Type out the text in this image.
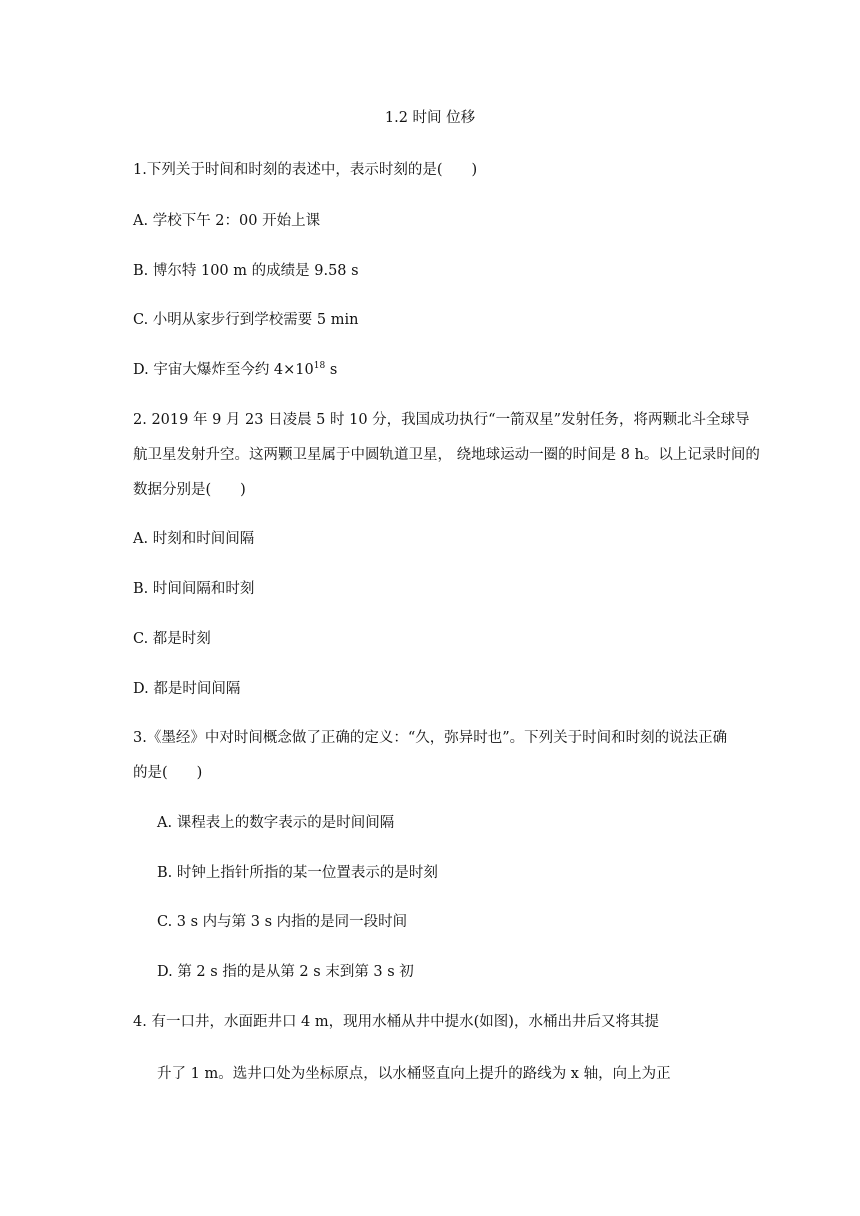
1.2 时间 位移
1.下列关于时间和时刻的表述中，表示时刻的是(　　)
A. 学校下午 2：00 开始上课
B. 博尔特 100 m 的成绩是 9.58 s
C. 小明从家步行到学校需要 5 min
D. 宇宙大爆炸至今约 $4\times 10^{18}$ s
2. 2019 年 9 月 23 日凌晨 5 时 10 分，我国成功执行“一箭双星”发射任务，将两颗北斗全球导
航卫星发射升空。这两颗卫星属于中圆轨道卫星， 绕地球运动一圈的时间是 8 h。以上记录时间的
数据分别是(　　)
A. 时刻和时间间隔
B. 时间间隔和时刻
C. 都是时刻
D. 都是时间间隔
3.《墨经》中对时间概念做了正确的定义：“久，弥异时也”。下列关于时间和时刻的说法正确
的是(　　)
A. 课程表上的数字表示的是时间间隔
B. 时钟上指针所指的某一位置表示的是时刻
C. 3 s 内与第 3 s 内指的是同一段时间
D. 第 2 s 指的是从第 2 s 末到第 3 s 初
4. 有一口井，水面距井口 4 m，现用水桶从井中提水(如图)，水桶出井后又将其提
升了 1 m。选井口处为坐标原点，以水桶竖直向上提升的路线为 x 轴，向上为正
